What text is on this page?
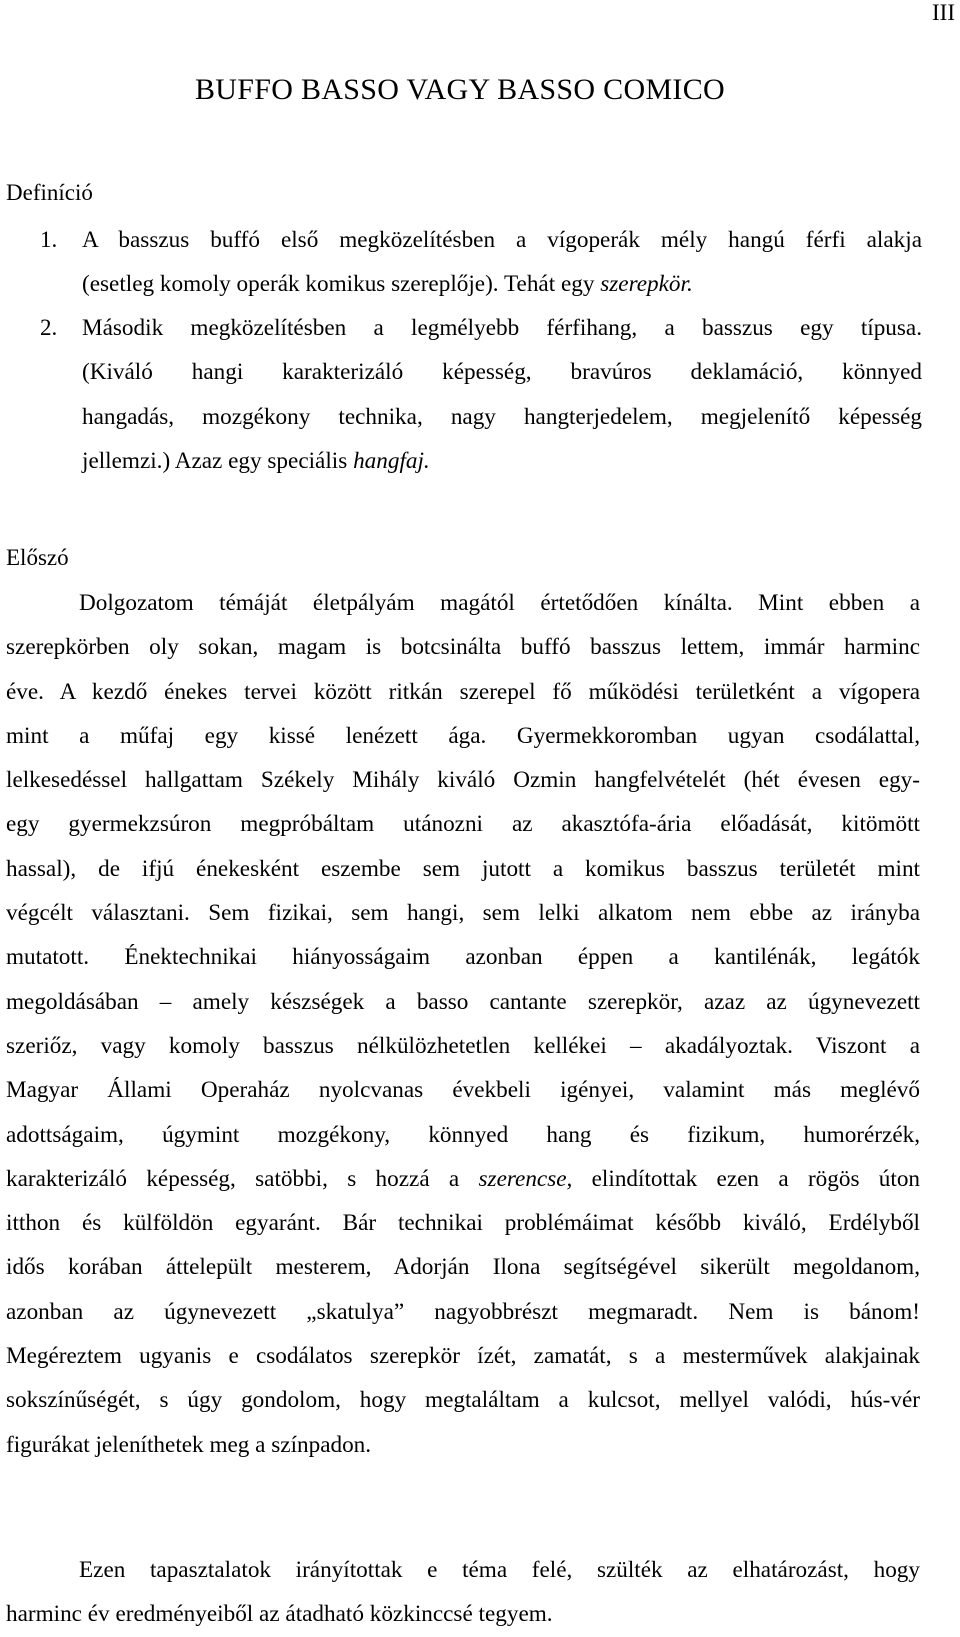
III
BUFFO BASSO VAGY BASSO COMICO
Definíció
1. A basszus buffó első megközelítésben a vígoperák mély hangú férfi alakja
(esetleg komoly operák komikus szereplője). Tehát egy szerepkör.
2. Második megközelítésben a legmélyebb férfihang, a basszus egy típusa.
(Kiváló hangi karakterizáló képesség, bravúros deklamáció, könnyed
hangadás, mozgékony technika, nagy hangterjedelem, megjelenítő képesség
jellemzi.) Azaz egy speciális hangfaj.
Előszó
Dolgozatom témáját életpályám magától értetődően kínálta. Mint ebben a
szerepkörben oly sokan, magam is botcsinálta buffó basszus lettem, immár harminc
éve. A kezdő énekes tervei között ritkán szerepel fő működési területként a vígopera
mint a műfaj egy kissé lenézett ága. Gyermekkoromban ugyan csodálattal,
lelkesedéssel hallgattam Székely Mihály kiváló Ozmin hangfelvételét (hét évesen egy-
egy gyermekzsúron megpróbáltam utánozni az akasztófa-ária előadását, kitömött
hassal), de ifjú énekesként eszembe sem jutott a komikus basszus területét mint
végcélt választani. Sem fizikai, sem hangi, sem lelki alkatom nem ebbe az irányba
mutatott. Énektechnikai hiányosságaim azonban éppen a kantilénák, legátók
megoldásában – amely készségek a basso cantante szerepkör, azaz az úgynevezett
szeriőz, vagy komoly basszus nélkülözhetetlen kellékei – akadályoztak. Viszont a
Magyar Állami Operaház nyolcvanas évekbeli igényei, valamint más meglévő
adottságaim, úgymint mozgékony, könnyed hang és fizikum, humorérzék,
karakterizáló képesség, satöbbi, s hozzá a szerencse, elindítottak ezen a rögös úton
itthon és külföldön egyaránt. Bár technikai problémáimat később kiváló, Erdélyből
idős korában áttelepült mesterem, Adorján Ilona segítségével sikerült megoldanom,
azonban az úgynevezett „skatulya” nagyobbrészt megmaradt. Nem is bánom!
Megéreztem ugyanis e csodálatos szerepkör ízét, zamatát, s a mesterművek alakjainak
sokszínűségét, s úgy gondolom, hogy megtaláltam a kulcsot, mellyel valódi, hús-vér
figurákat jeleníthetek meg a színpadon.
Ezen tapasztalatok irányítottak e téma felé, szülték az elhatározást, hogy
harminc év eredményeiből az átadható közkinccsé tegyem.
